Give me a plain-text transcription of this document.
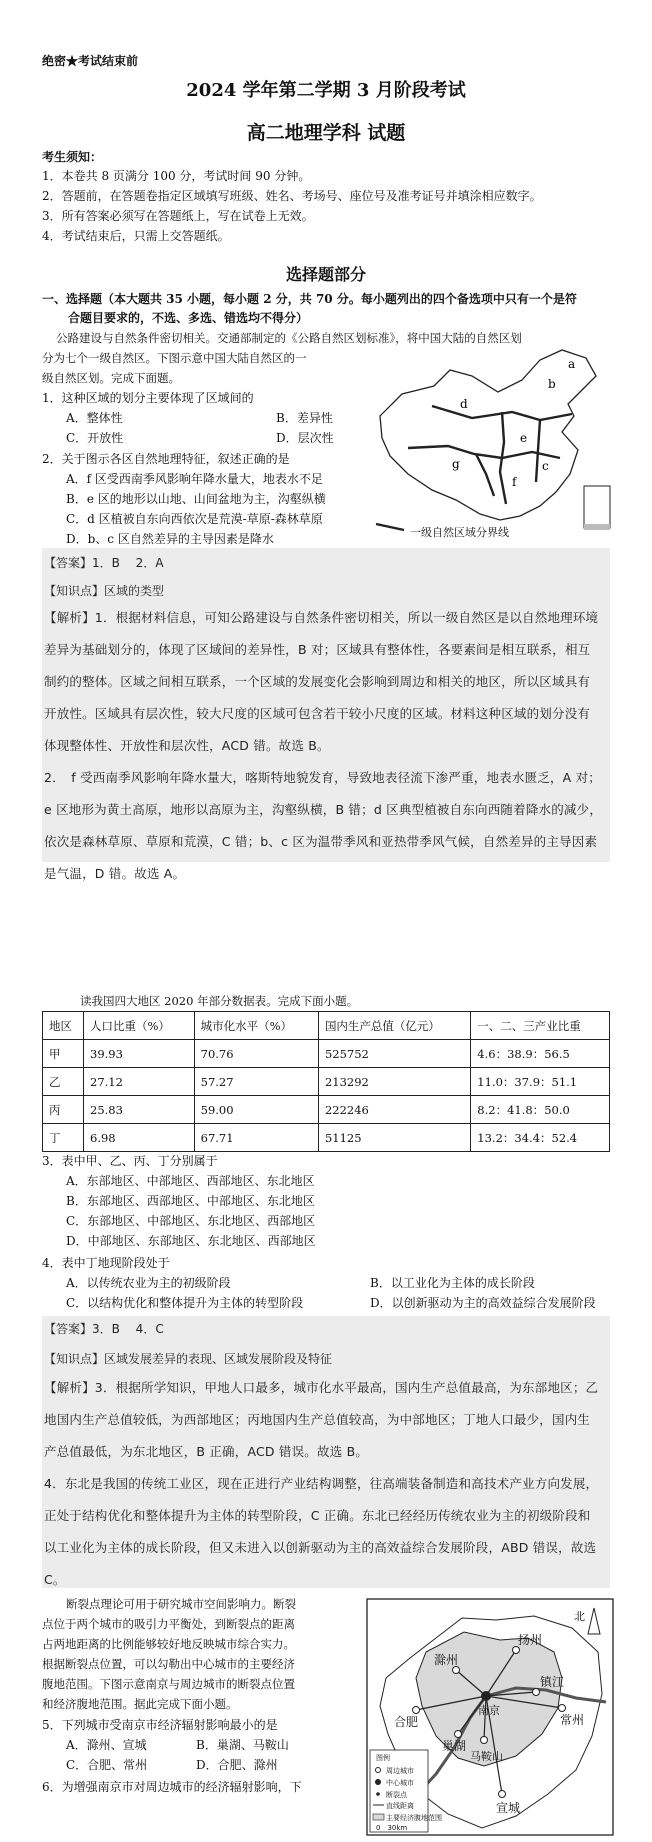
绝密★考试结束前
2024 学年第二学期 3 月阶段考试
高二地理学科 试题
考生须知：
1．本卷共 8 页满分 100 分，考试时间 90 分钟。
2．答题前，在答题卷指定区域填写班级、姓名、考场号、座位号及准考证号并填涂相应数字。
3．所有答案必须写在答题纸上，写在试卷上无效。
4．考试结束后，只需上交答题纸。
选择题部分
一、选择题（本大题共 35 小题，每小题 2 分，共 70 分。每小题列出的四个备选项中只有一个是符
合题目要求的，不选、多选、错选均不得分）
公路建设与自然条件密切相关。交通部制定的《公路自然区划标准》，将中国大陆的自然区划
分为七个一级自然区。下图示意中国大陆自然区的一
级自然区划。完成下面题。
1．这种区域的划分主要体现了区域间的
A．整体性	B．差异性
C．开放性	D．层次性
2．关于图示各区自然地理特征，叙述正确的是
A．f 区受西南季风影响年降水量大，地表水不足
B．e 区的地形以山地、山间盆地为主，沟壑纵横
C．d 区植被自东向西依次是荒漠-草原-森林草原
D．b、c 区自然差异的主导因素是降水
a
b
c
d
e
f
g
一级自然区域分界线
【答案】1．B　 2．A
【知识点】区域的类型
【解析】1．根据材料信息，可知公路建设与自然条件密切相关，所以一级自然区是以自然地理环境
差异为基础划分的，体现了区域间的差异性，B 对；区域具有整体性，各要素间是相互联系，相互
制约的整体。区域之间相互联系，一个区域的发展变化会影响到周边和相关的地区，所以区域具有
开放性。区域具有层次性，较大尺度的区域可包含若干较小尺度的区域。材料这种区域的划分没有
体现整体性、开放性和层次性，ACD 错。故选 B。
2．　f 受西南季风影响年降水量大，喀斯特地貌发育，导致地表径流下渗严重，地表水匮乏，A 对；
e 区地形为黄土高原，地形以高原为主，沟壑纵横，B 错；d 区典型植被自东向西随着降水的减少，
依次是森林草原、草原和荒漠，C 错；b、c 区为温带季风和亚热带季风气候，自然差异的主导因素
是气温，D 错。故选 A。
读我国四大地区 2020 年部分数据表。完成下面小题。
地区	人口比重（%）	城市化水平（%）	国内生产总值（亿元）	一、二、三产业比重
甲	39.93	70.76	525752	4.6：38.9：56.5
乙	27.12	57.27	213292	11.0：37.9：51.1
丙	25.83	59.00	222246	8.2：41.8：50.0
丁	6.98	67.71	51125	13.2：34.4：52.4
3．表中甲、乙、丙、丁分别属于
A．东部地区、中部地区、西部地区、东北地区
B．东部地区、西部地区、中部地区、东北地区
C．东部地区、中部地区、东北地区、西部地区
D．中部地区、东部地区、东北地区、西部地区
4．表中丁地现阶段处于
A．以传统农业为主的初级阶段	B．以工业化为主体的成长阶段
C．以结构优化和整体提升为主体的转型阶段	D．以创新驱动为主的高效益综合发展阶段
【答案】3．B　 4．C
【知识点】区域发展差异的表现、区域发展阶段及特征
【解析】3．根据所学知识，甲地人口最多，城市化水平最高，国内生产总值最高，为东部地区；乙
地国内生产总值较低，为西部地区；丙地国内生产总值较高，为中部地区；丁地人口最少，国内生
产总值最低，为东北地区，B 正确，ACD 错误。故选 B。
4．东北是我国的传统工业区，现在正进行产业结构调整，往高端装备制造和高技术产业方向发展，
正处于结构优化和整体提升为主体的转型阶段，C 正确。东北已经经历传统农业为主的初级阶段和
以工业化为主体的成长阶段，但又未进入以创新驱动为主的高效益综合发展阶段，ABD 错误，故选
C。
断裂点理论可用于研究城市空间影响力。断裂
点位于两个城市的吸引力平衡处，到断裂点的距离
占两地距离的比例能够较好地反映城市综合实力。
根据断裂点位置，可以勾勒出中心城市的主要经济
腹地范围。下图示意南京与周边城市的断裂点位置
和经济腹地范围。据此完成下面小题。
5．下列城市受南京市经济辐射影响最小的是
A．滁州、宣城	B．巢湖、马鞍山
C．合肥、常州	D．合肥、滁州
6．为增强南京市对周边城市的经济辐射影响，下
扬州
滁州
镇江
南京
常州
合肥
巢湖
马鞍山
宣城
北
图例
周边城市
中心城市
断裂点
直线距离
主要经济腹地范围
0　30km
